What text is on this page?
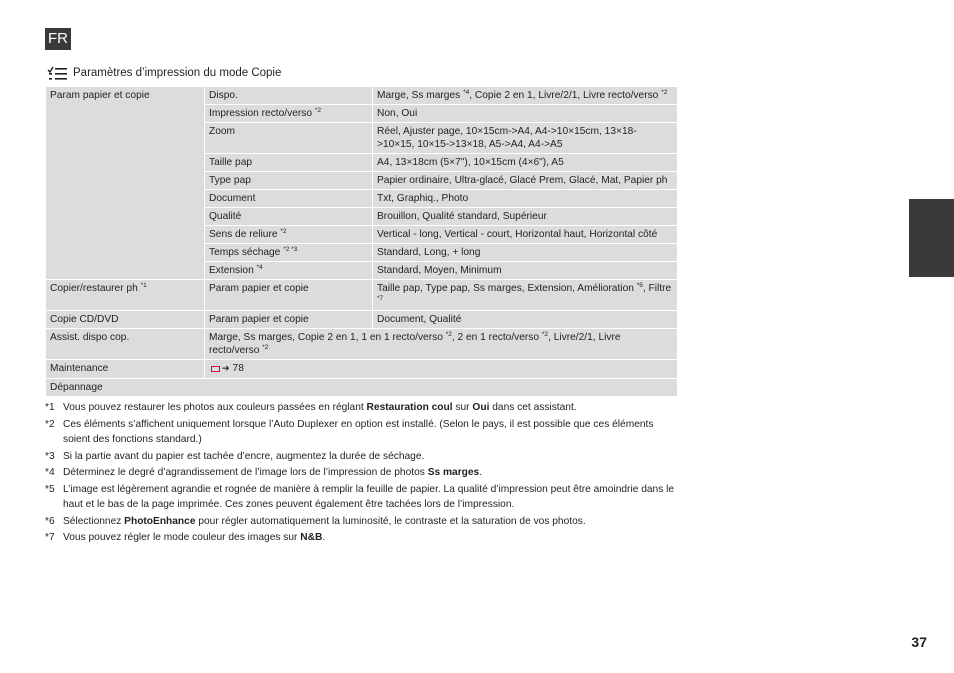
FR
Paramètres d’impression du mode Copie
Param papier et copie	Dispo.	Marge, Ss marges $^{*4}$, Copie 2 en 1, Livre/2/1, Livre recto/verso $^{*2}$
	Impression recto/verso $^{*2}$	Non, Oui
	Zoom	Réel, Ajuster page, 10×15cm->A4, A4->10×15cm, 13×18->10×15, 10×15->13×18, A5->A4, A4->A5
	Taille pap	A4, 13×18cm (5×7"), 10×15cm (4×6"), A5
	Type pap	Papier ordinaire, Ultra-glacé, Glacé Prem, Glacé, Mat, Papier ph
	Document	Txt, Graphiq., Photo
	Qualité	Brouillon, Qualité standard, Supérieur
	Sens de reliure $^{*2}$	Vertical - long, Vertical - court, Horizontal haut, Horizontal côté
	Temps séchage $^{*2 *3}$	Standard, Long, + long
	Extension $^{*4}$	Standard, Moyen, Minimum
Copier/restaurer ph $^{*1}$	Param papier et copie	Taille pap, Type pap, Ss marges, Extension, Amélioration $^{*6}$, Filtre $^{*7}$
Copie CD/DVD	Param papier et copie	Document, Qualité
Assist. dispo cop.	Marge, Ss marges, Copie 2 en 1, 1 en 1 recto/verso $^{*2}$, 2 en 1 recto/verso $^{*2}$, Livre/2/1, Livre recto/verso $^{*2}$
Maintenance	➔ 78	

Dépannage		
*1 Vous pouvez restaurer les photos aux couleurs passées en réglant Restauration coul sur Oui dans cet assistant.
*2 Ces éléments s’affichent uniquement lorsque l’Auto Duplexer en option est installé. (Selon le pays, il est possible que ces éléments soient des fonctions standard.)
*3 Si la partie avant du papier est tachée d’encre, augmentez la durée de séchage.
*4 Déterminez le degré d’agrandissement de l’image lors de l’impression de photos Ss marges.
*5 L’image est légèrement agrandie et rognée de manière à remplir la feuille de papier. La qualité d’impression peut être amoindrie dans le haut et le bas de la page imprimée. Ces zones peuvent également être tachées lors de l’impression.
*6 Sélectionnez PhotoEnhance pour régler automatiquement la luminosité, le contraste et la saturation de vos photos.
*7 Vous pouvez régler le mode couleur des images sur N&B.
37
